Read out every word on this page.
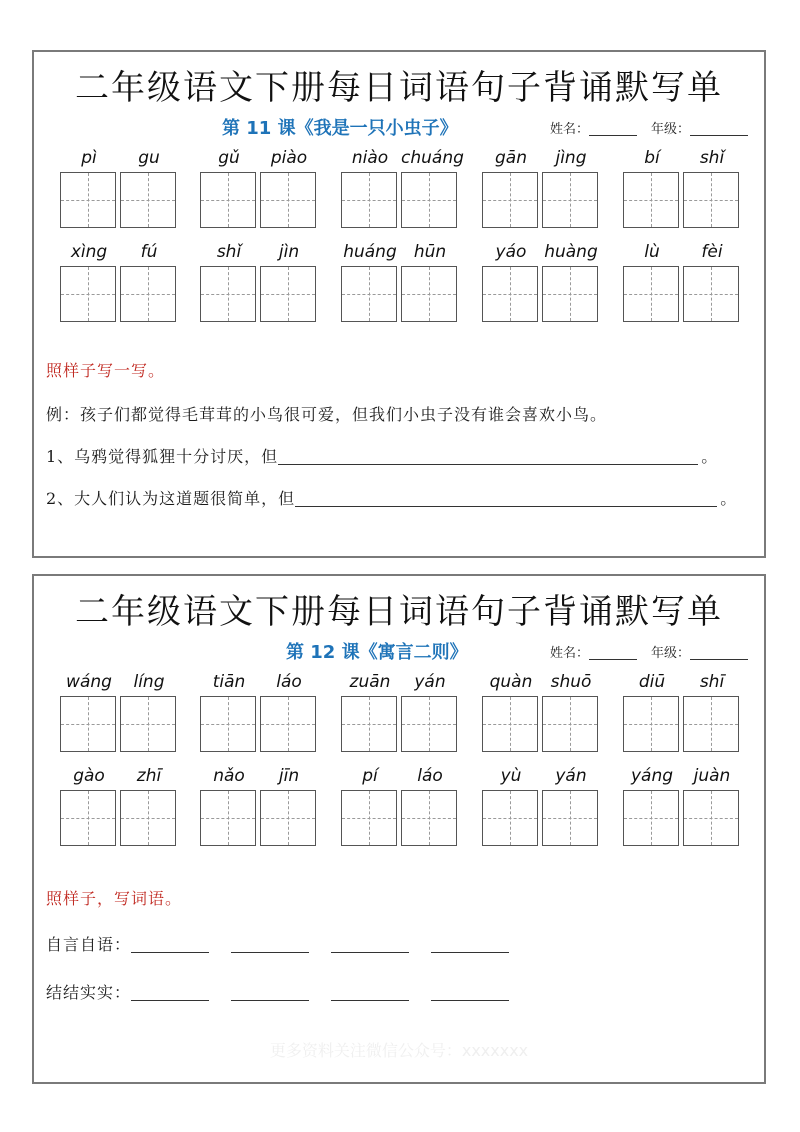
二年级语文下册每日词语句子背诵默写单
第 11 课《我是一只小虫子》	姓名：	年级：
pì	gu	gǔ	piào	niào chuáng	gān	jìng	bí	shǐ
xìng	fú	shǐ	jìn	huáng	hūn	yáo	huàng	lù	fèi
照样子写一写。
例：孩子们都觉得毛茸茸的小鸟很可爱，但我们小虫子没有谁会喜欢小鸟。
1、乌鸦觉得狐狸十分讨厌，但	。
2、大人们认为这道题很简单，但	。
二年级语文下册每日词语句子背诵默写单
第 12 课《寓言二则》	姓名：	年级：
wáng	líng	tiān	láo	zuān	yán	quàn	shuō	diū	shī
gào	zhī	nǎo	jīn	pí	láo	yù	yán	yáng	juàn
照样子，写词语。
自言自语：
结结实实：
更多资料关注微信公众号：xxxxxxx
